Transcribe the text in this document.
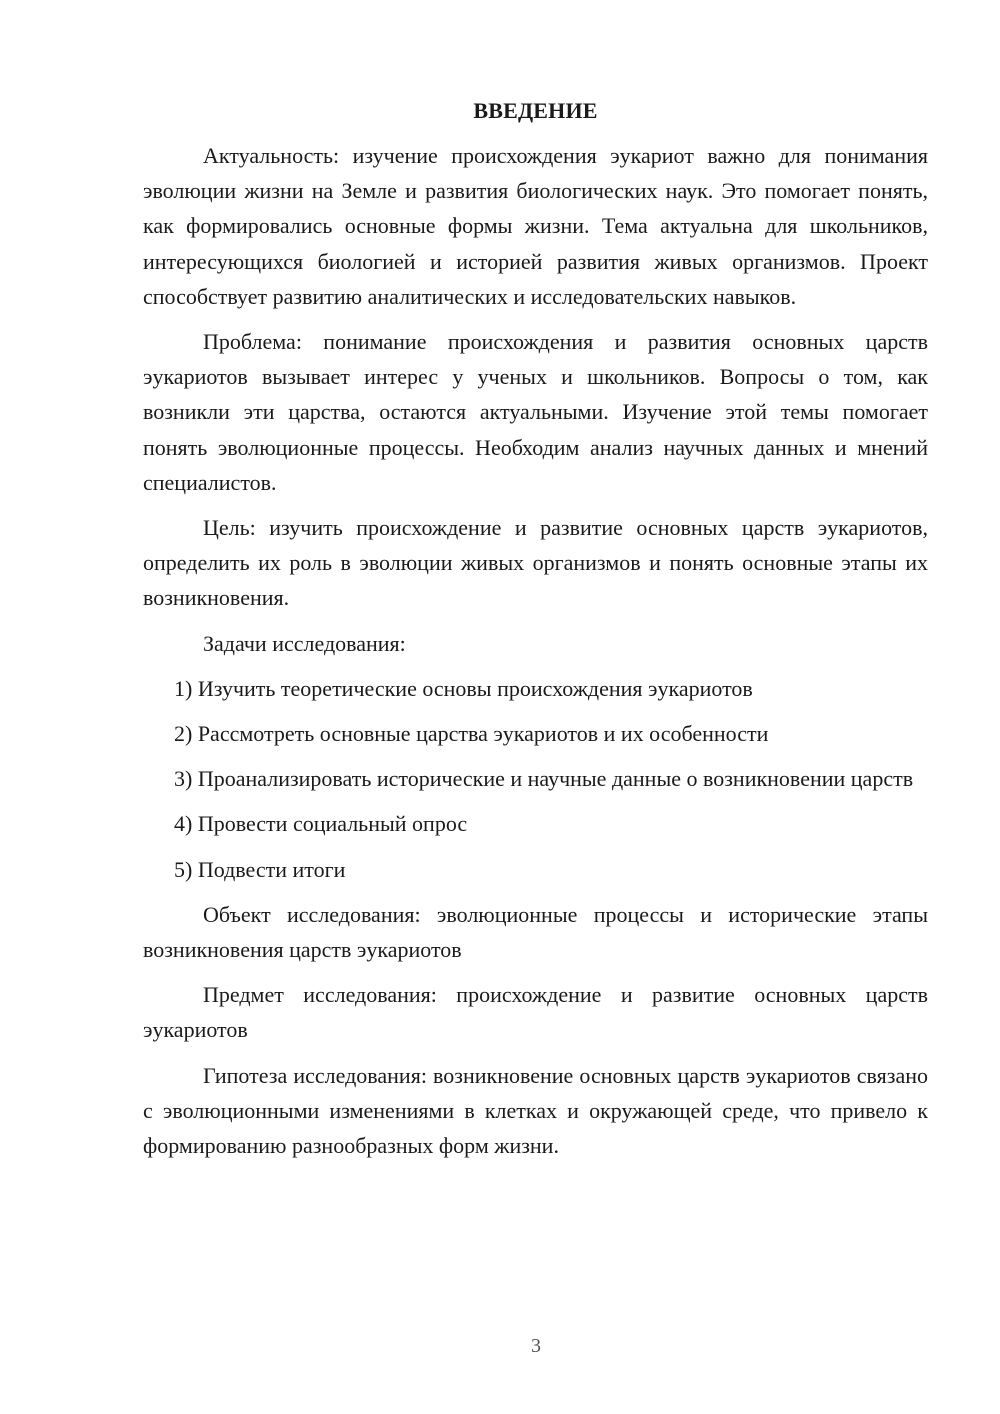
ВВЕДЕНИЕ

Актуальность: изучение происхождения эукариот важно для понимания эволюции жизни на Земле и развития биологических наук. Это помогает понять, как формировались основные формы жизни. Тема актуальна для школьников, интересующихся биологией и историей развития живых организмов. Проект способствует развитию аналитических и исследовательских навыков.

Проблема: понимание происхождения и развития основных царств эукариотов вызывает интерес у ученых и школьников. Вопросы о том, как возникли эти царства, остаются актуальными. Изучение этой темы помогает понять эволюционные процессы. Необходим анализ научных данных и мнений специалистов.

Цель: изучить происхождение и развитие основных царств эукариотов, определить их роль в эволюции живых организмов и понять основные этапы их возникновения.

Задачи исследования:

1) Изучить теоретические основы происхождения эукариотов

2) Рассмотреть основные царства эукариотов и их особенности

3) Проанализировать исторические и научные данные о возникновении царств

4) Провести социальный опрос

5) Подвести итоги

Объект исследования: эволюционные процессы и исторические этапы возникновения царств эукариотов

Предмет исследования: происхождение и развитие основных царств эукариотов

Гипотеза исследования: возникновение основных царств эукариотов связано с эволюционными изменениями в клетках и окружающей среде, что привело к формированию разнообразных форм жизни.

3
